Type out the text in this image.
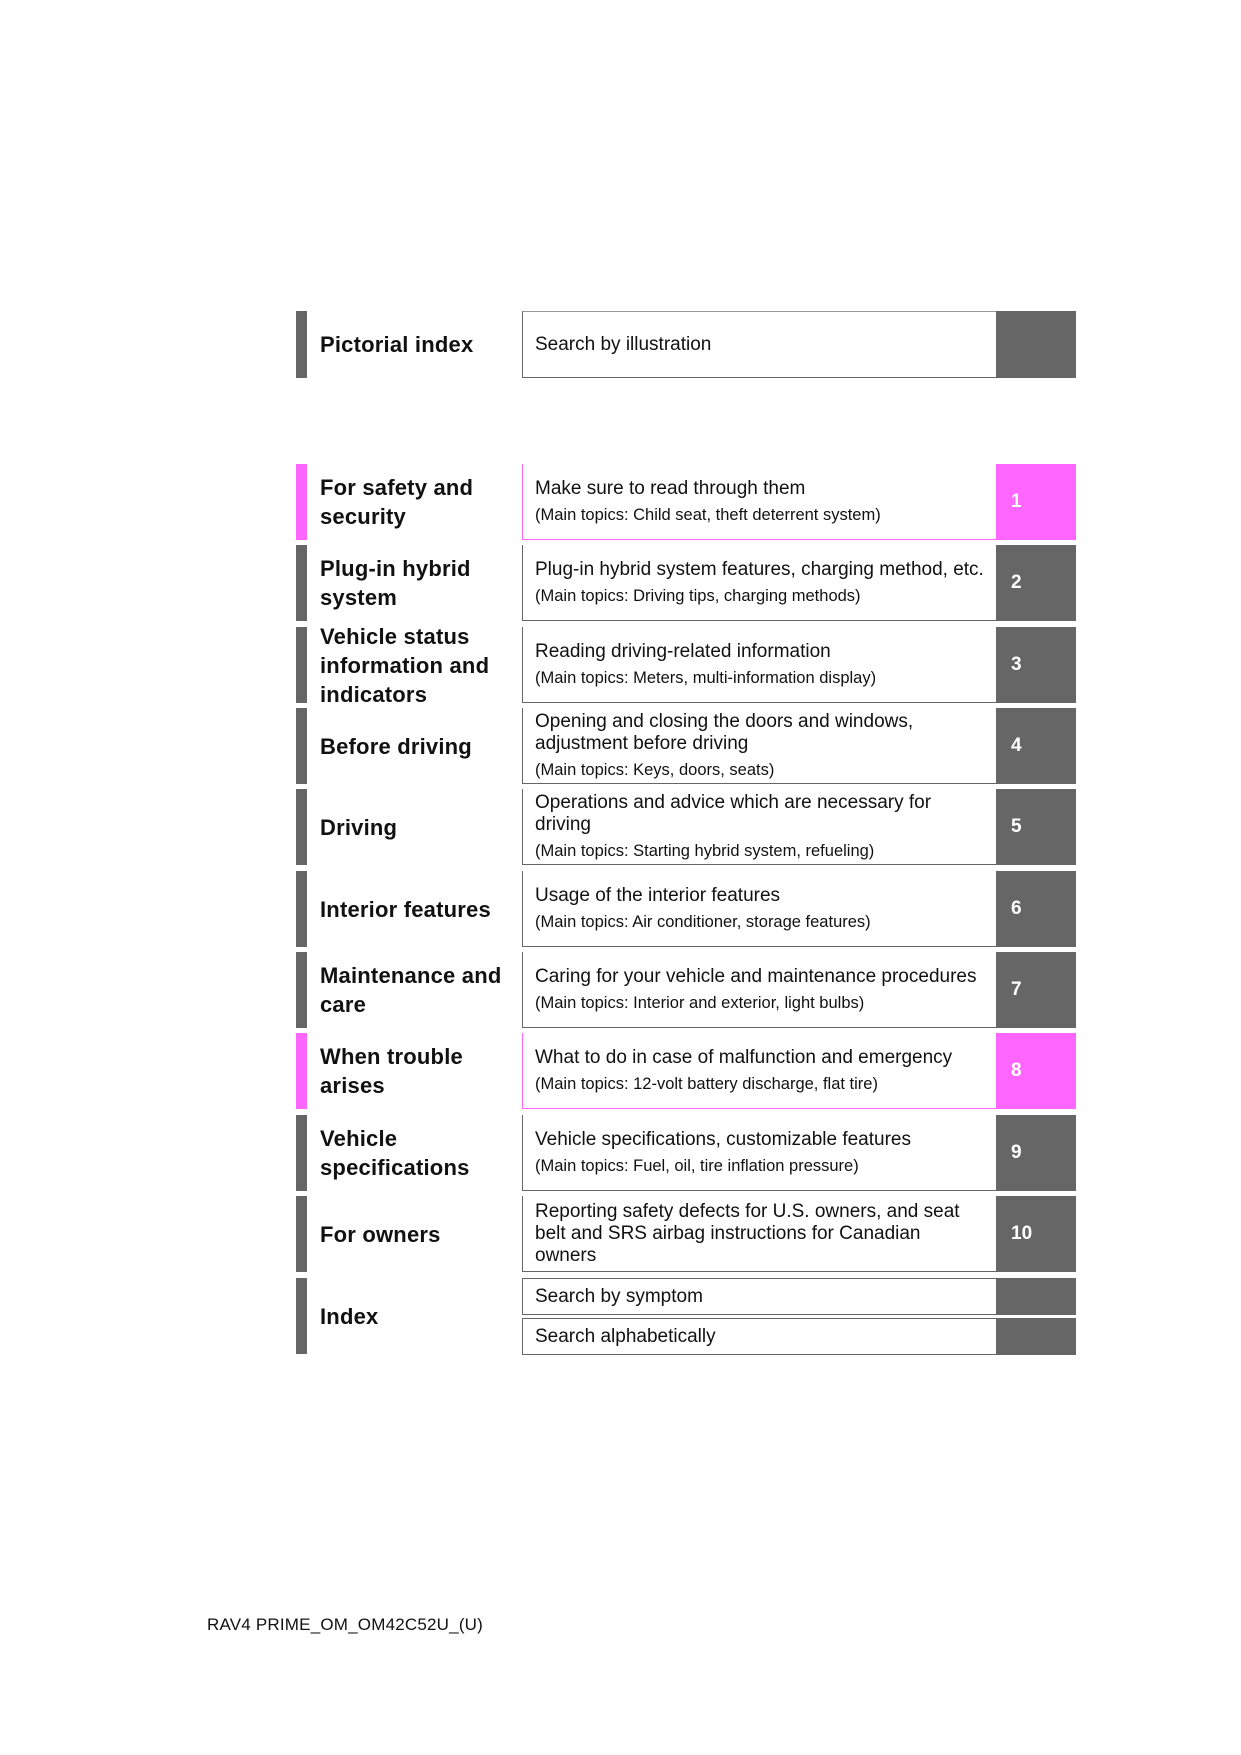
Pictorial index	Search by illustration
For safety and security
Make sure to read through them
(Main topics: Child seat, theft deterrent system)
1
Plug-in hybrid system
Plug-in hybrid system features, charging method, etc.
(Main topics: Driving tips, charging methods)
2
Vehicle status information and indicators
Reading driving-related information
(Main topics: Meters, multi-information display)
3
Before driving
Opening and closing the doors and windows, adjustment before driving
(Main topics: Keys, doors, seats)
4
Driving
Operations and advice which are necessary for driving
(Main topics: Starting hybrid system, refueling)
5
Interior features
Usage of the interior features
(Main topics: Air conditioner, storage features)
6
Maintenance and care
Caring for your vehicle and maintenance procedures
(Main topics: Interior and exterior, light bulbs)
7
When trouble arises
What to do in case of malfunction and emergency
(Main topics: 12-volt battery discharge, flat tire)
8
Vehicle specifications
Vehicle specifications, customizable features
(Main topics: Fuel, oil, tire inflation pressure)
9
For owners
Reporting safety defects for U.S. owners, and seat belt and SRS airbag instructions for Canadian owners
10
Index
Search by symptom
Search alphabetically
RAV4 PRIME_OM_OM42C52U_(U)
